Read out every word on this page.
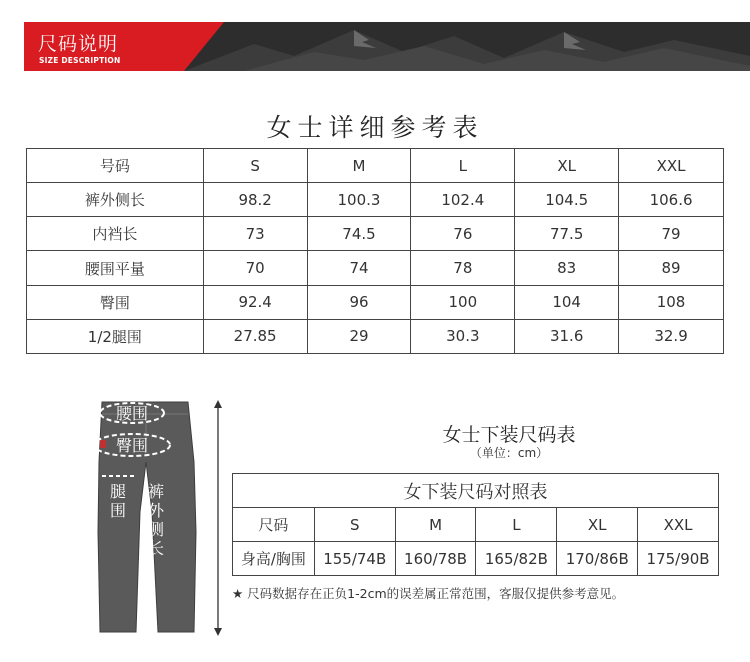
尺码说明
SIZE DESCRIPTION
女士详细参考表
号码	S	M	L	XL	XXL
裤外侧长	98.2	100.3	102.4	104.5	106.6
内裆长	73	74.5	76	77.5	79
腰围平量	70	74	78	83	89
臀围	92.4	96	100	104	108
1/2腿围	27.85	29	30.3	31.6	32.9
腰围
臀围
腿
围
裤
外
侧
长
女士下装尺码表
（单位：cm）
女下装尺码对照表					
尺码	S	M	L	XL	XXL
身高/胸围	155/74B	160/78B	165/82B	170/86B	175/90B
★ 尺码数据存在正负1-2cm的误差属正常范围，客服仅提供参考意见。
